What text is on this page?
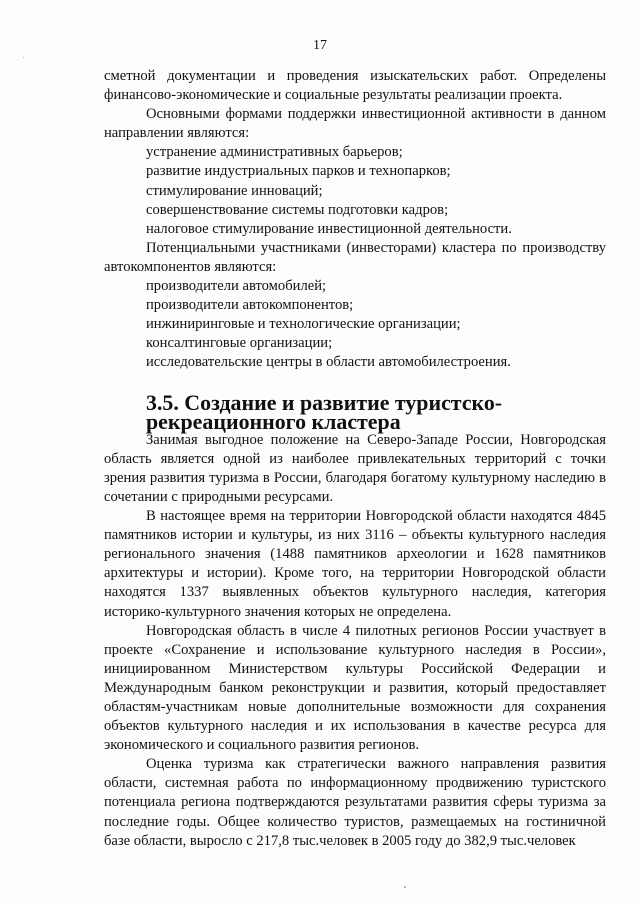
17

сметной документации и проведения изыскательских работ. Определены финансово-экономические и социальные результаты реализации проекта.

Основными формами поддержки инвестиционной активности в данном направлении являются:

устранение административных барьеров;
развитие индустриальных парков и технопарков;
стимулирование инноваций;
совершенствование системы подготовки кадров;
налоговое стимулирование инвестиционной деятельности.

Потенциальными участниками (инвесторами) кластера по производству автокомпонентов являются:

производители автомобилей;
производители автокомпонентов;
инжиниринговые и технологические организации;
консалтинговые организации;
исследовательские центры в области автомобилестроения.
3.5. Создание и развитие туристско-рекреационного кластера

Занимая выгодное положение на Северо-Западе России, Новгородская область является одной из наиболее привлекательных территорий с точки зрения развития туризма в России, благодаря богатому культурному наследию в сочетании с природными ресурсами.

В настоящее время на территории Новгородской области находятся 4845 памятников истории и культуры, из них 3116 – объекты культурного наследия регионального значения (1488 памятников археологии и 1628 памятников архитектуры и истории). Кроме того, на территории Новгородской области находятся 1337 выявленных объектов культурного наследия, категория историко-культурного значения которых не определена.

Новгородская область в числе 4 пилотных регионов России участвует в проекте «Сохранение и использование культурного наследия в России», инициированном Министерством культуры Российской Федерации и Международным банком реконструкции и развития, который предоставляет областям-участникам новые дополнительные возможности для сохранения объектов культурного наследия и их использования в качестве ресурса для экономического и социального развития регионов.

Оценка туризма как стратегически важного направления развития области, системная работа по информационному продвижению туристского потенциала региона подтверждаются результатами развития сферы туризма за последние годы. Общее количество туристов, размещаемых на гостиничной базе области, выросло с 217,8 тыс.человек в 2005 году до 382,9 тыс.человек
